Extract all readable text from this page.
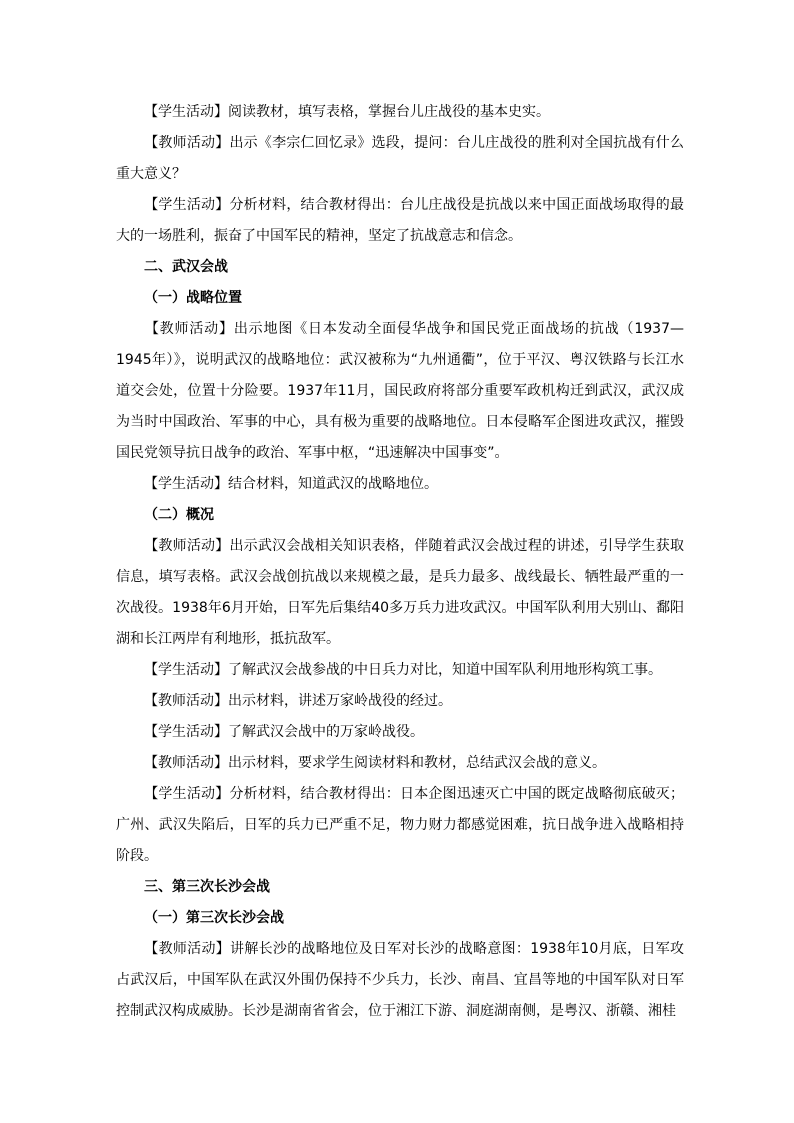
【学生活动】阅读教材，填写表格，掌握台儿庄战役的基本史实。

【教师活动】出示《李宗仁回忆录》选段，提问：台儿庄战役的胜利对全国抗战有什么重大意义？

【学生活动】分析材料，结合教材得出：台儿庄战役是抗战以来中国正面战场取得的最大的一场胜利，振奋了中国军民的精神，坚定了抗战意志和信念。

二、武汉会战

（一）战略位置

【教师活动】出示地图《日本发动全面侵华战争和国民党正面战场的抗战（1937—1945年）》，说明武汉的战略地位：武汉被称为“九州通衢”，位于平汉、粤汉铁路与长江水道交会处，位置十分险要。1937年11月，国民政府将部分重要军政机构迁到武汉，武汉成为当时中国政治、军事的中心，具有极为重要的战略地位。日本侵略军企图进攻武汉，摧毁国民党领导抗日战争的政治、军事中枢，“迅速解决中国事变”。

【学生活动】结合材料，知道武汉的战略地位。

（二）概况

【教师活动】出示武汉会战相关知识表格，伴随着武汉会战过程的讲述，引导学生获取信息，填写表格。武汉会战创抗战以来规模之最，是兵力最多、战线最长、牺牲最严重的一次战役。1938年6月开始，日军先后集结40多万兵力进攻武汉。中国军队利用大别山、鄱阳湖和长江两岸有利地形，抵抗敌军。

【学生活动】了解武汉会战参战的中日兵力对比，知道中国军队利用地形构筑工事。

【教师活动】出示材料，讲述万家岭战役的经过。

【学生活动】了解武汉会战中的万家岭战役。

【教师活动】出示材料，要求学生阅读材料和教材，总结武汉会战的意义。

【学生活动】分析材料，结合教材得出：日本企图迅速灭亡中国的既定战略彻底破灭；广州、武汉失陷后，日军的兵力已严重不足，物力财力都感觉困难，抗日战争进入战略相持阶段。

三、第三次长沙会战

（一）第三次长沙会战

【教师活动】讲解长沙的战略地位及日军对长沙的战略意图：1938年10月底，日军攻占武汉后，中国军队在武汉外围仍保持不少兵力，长沙、南昌、宜昌等地的中国军队对日军控制武汉构成威胁。长沙是湖南省省会，位于湘江下游、洞庭湖南侧，是粤汉、浙赣、湘桂
